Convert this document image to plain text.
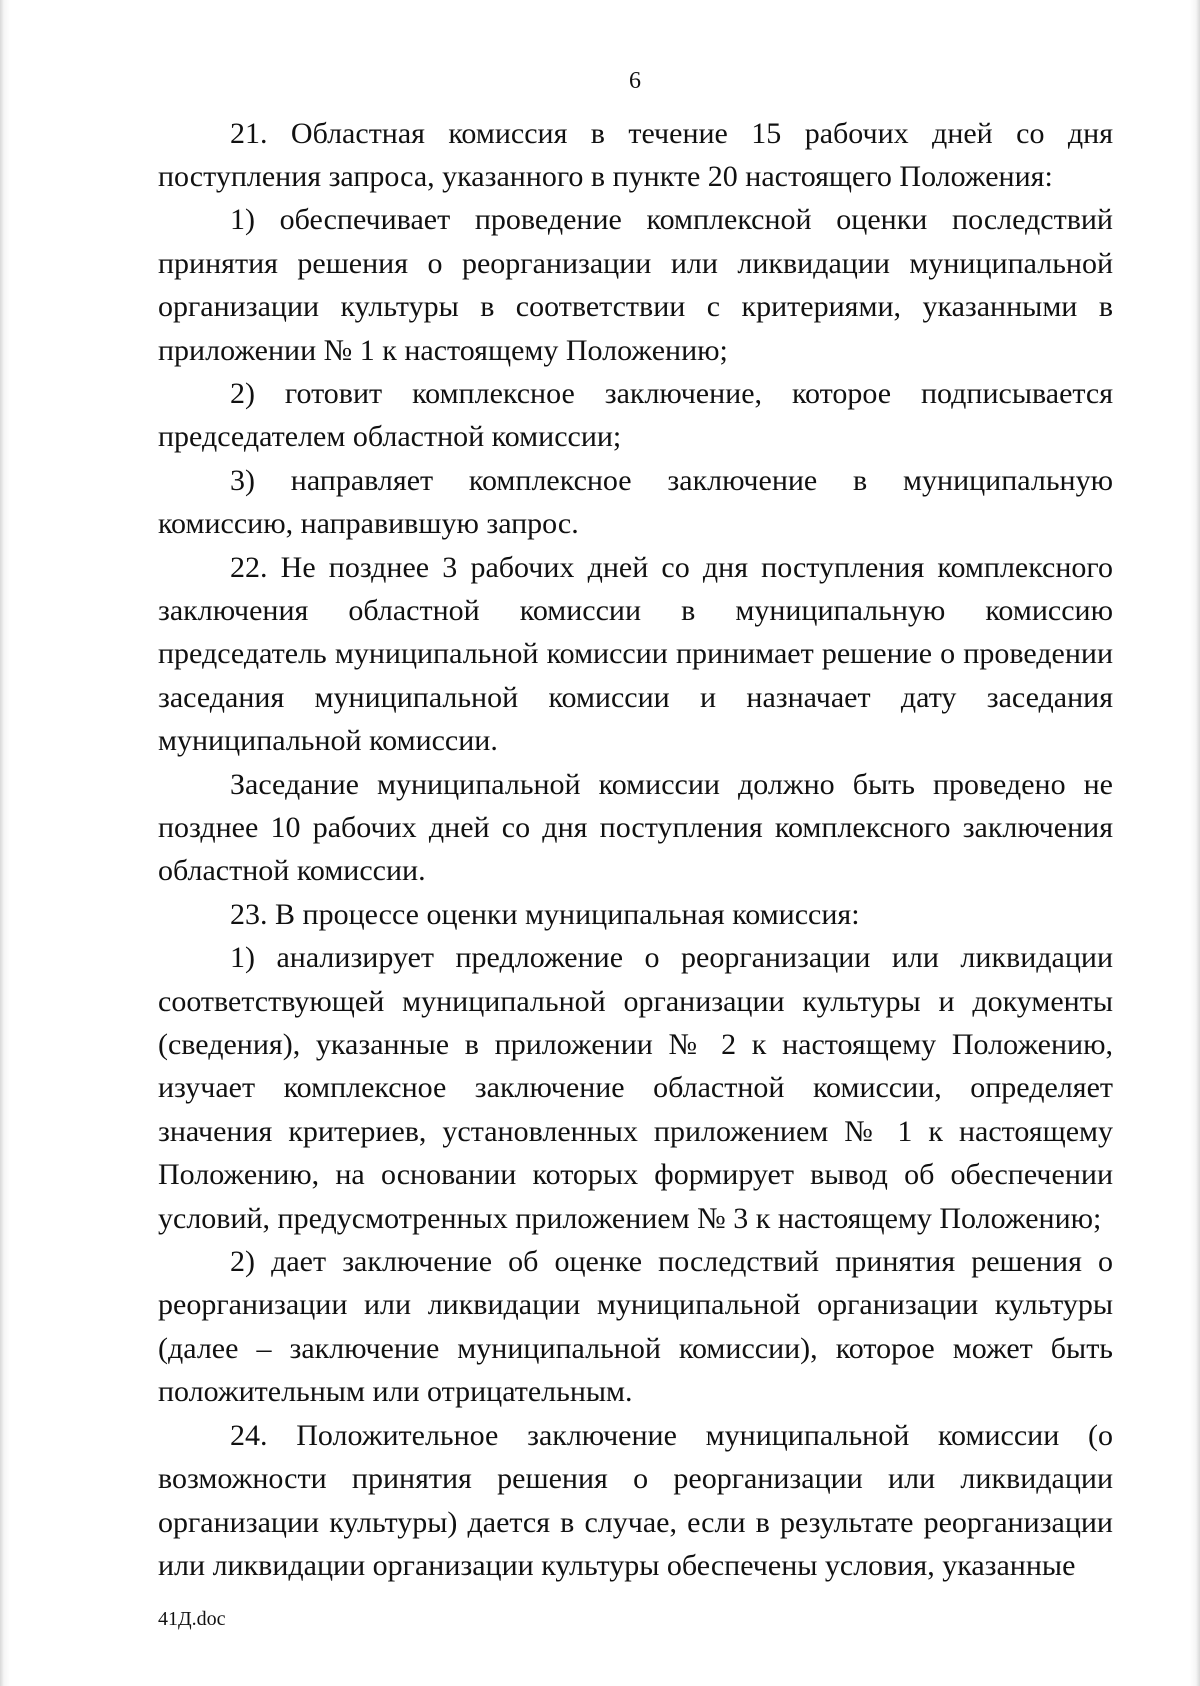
6

21. Областная комиссия в течение 15 рабочих дней со дня поступления запроса, указанного в пункте 20 настоящего Положения:

1) обеспечивает проведение комплексной оценки последствий принятия решения о реорганизации или ликвидации муниципальной организации культуры в соответствии с критериями, указанными в приложении № 1 к настоящему Положению;

2) готовит комплексное заключение, которое подписывается председателем областной комиссии;

3) направляет комплексное заключение в муниципальную комиссию, направившую запрос.

22. Не позднее 3 рабочих дней со дня поступления комплексного заключения областной комиссии в муниципальную комиссию председатель муниципальной комиссии принимает решение о проведении заседания муниципальной комиссии и назначает дату заседания муниципальной комиссии.

Заседание муниципальной комиссии должно быть проведено не позднее 10 рабочих дней со дня поступления комплексного заключения областной комиссии.

23. В процессе оценки муниципальная комиссия:

1) анализирует предложение о реорганизации или ликвидации соответствующей муниципальной организации культуры и документы (сведения), указанные в приложении № 2 к настоящему Положению, изучает комплексное заключение областной комиссии, определяет значения критериев, установленных приложением № 1 к настоящему Положению, на основании которых формирует вывод об обеспечении условий, предусмотренных приложением № 3 к настоящему Положению;

2) дает заключение об оценке последствий принятия решения о реорганизации или ликвидации муниципальной организации культуры (далее – заключение муниципальной комиссии), которое может быть положительным или отрицательным.

24. Положительное заключение муниципальной комиссии (о возможности принятия решения о реорганизации или ликвидации организации культуры) дается в случае, если в результате реорганизации или ликвидации организации культуры обеспечены условия, указанные

41Д.doc
